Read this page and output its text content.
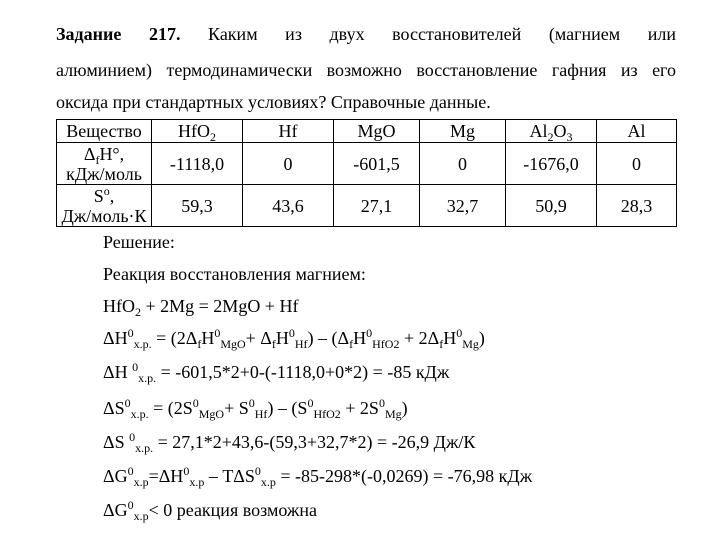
Задание 217. Каким из двух восстановителей (магнием или
алюминием) термодинамически возможно восстановление гафния из его
оксида при стандартных условиях? Справочные данные.
Вещество	HfO$_2$	Hf	MgO	Mg	$Al_2O_3$	Al
$\Delta_fH^\circ$,
кДж/моль	-1118,0	0	-601,5	0	-1676,0	0
$S^o$,
Дж/моль·К	59,3	43,6	27,1	32,7	50,9	28,3
Решение:
Реакция восстановления магнием:
HfO$_2$ + 2Mg = 2MgO + Hf
$\Delta H^0_{х.р.} = (2\Delta_fH^0_{MgO}+ \Delta_fH^0_{Hf}) - (\Delta_fH^0_{HfO2} + 2\Delta_fH^0_{Mg})$
ΔH $^0_{х.р.}$ = -601,5*2+0-(-1118,0+0*2) = -85 кДж
$\Delta S^0_{х.р.} = (2S^0_{MgO}+ S^0_{Hf}) - (S^0_{HfO2} + 2S^0_{Mg})$
ΔS $^0_{х.р.}$ = 27,1*2+43,6-(59,3+32,7*2) = -26,9 Дж/К
$\Delta G^0_{х.р}=\Delta H^0_{х.р} - T\Delta S^0_{х.р} = -85-298*(-0,0269) = -76,98$ кДж
$\Delta G^0_{х.р}< 0$ реакция возможна
